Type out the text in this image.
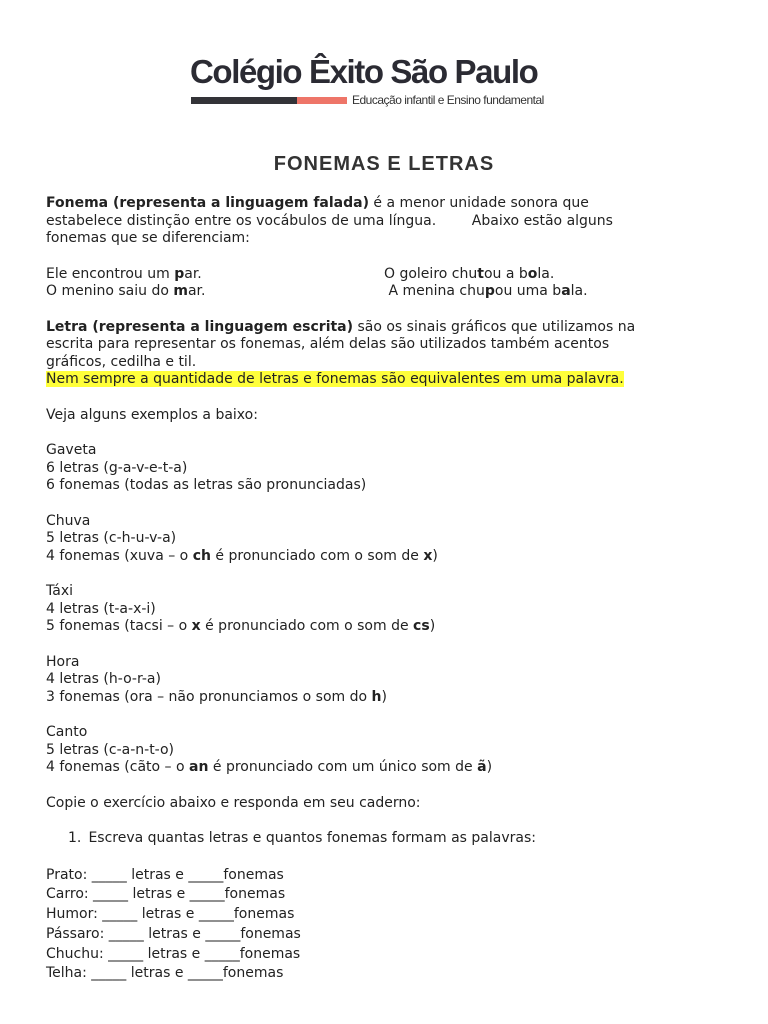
Colégio Êxito São Paulo
Educação infantil e Ensino fundamental
FONEMAS E LETRAS

Fonema (representa a linguagem falada) é a menor unidade sonora que

estabelece distinção entre os vocábulos de uma língua.        Abaixo estão alguns

fonemas que se diferenciam:

Ele encontrou um par.	O goleiro chutou a bola.
O menino saiu do mar.	A menina chupou uma bala.

Letra (representa a linguagem escrita) são os sinais gráficos que utilizamos na

escrita para representar os fonemas, além delas são utilizados também acentos

gráficos, cedilha e til.

Nem sempre a quantidade de letras e fonemas são equivalentes em uma palavra.

Veja alguns exemplos a baixo:

Gaveta

6 letras (g-a-v-e-t-a)

6 fonemas (todas as letras são pronunciadas)

Chuva

5 letras (c-h-u-v-a)

4 fonemas (xuva – o ch é pronunciado com o som de x)

Táxi

4 letras (t-a-x-i)

5 fonemas (tacsi – o x é pronunciado com o som de cs)

Hora

4 letras (h-o-r-a)

3 fonemas (ora – não pronunciamos o som do h)

Canto

5 letras (c-a-n-t-o)

4 fonemas (cãto – o an é pronunciado com um único som de ã)

Copie o exercício abaixo e responda em seu caderno:

1. Escreva quantas letras e quantos fonemas formam as palavras:

Prato: _____ letras e _____fonemas

Carro: _____ letras e _____fonemas

Humor: _____ letras e _____fonemas

Pássaro: _____ letras e _____fonemas

Chuchu: _____ letras e _____fonemas

Telha: _____ letras e _____fonemas
